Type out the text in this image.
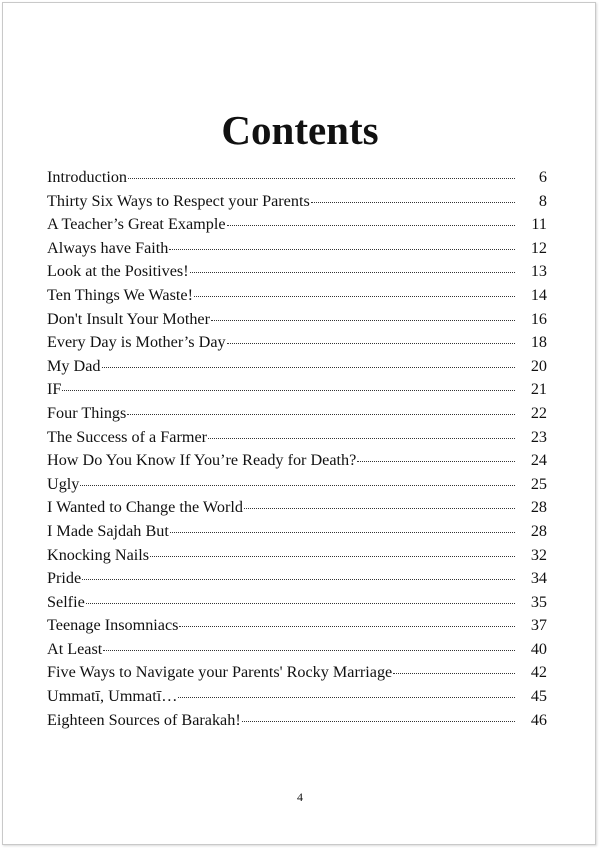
Contents
Introduction	6
Thirty Six Ways to Respect your Parents	8
A Teacher’s Great Example	11
Always have Faith	12
Look at the Positives!	13
Ten Things We Waste!	14
Don't Insult Your Mother	16
Every Day is Mother’s Day	18
My Dad	20
IF	21
Four Things	22
The Success of a Farmer	23
How Do You Know If You’re Ready for Death?	24
Ugly	25
I Wanted to Change the World	28
I Made Sajdah But	28
Knocking Nails	32
Pride	34
Selfie	35
Teenage Insomniacs	37
At Least	40
Five Ways to Navigate your Parents' Rocky Marriage	42
Ummatī, Ummatī…	45
Eighteen Sources of Barakah!	46
4
